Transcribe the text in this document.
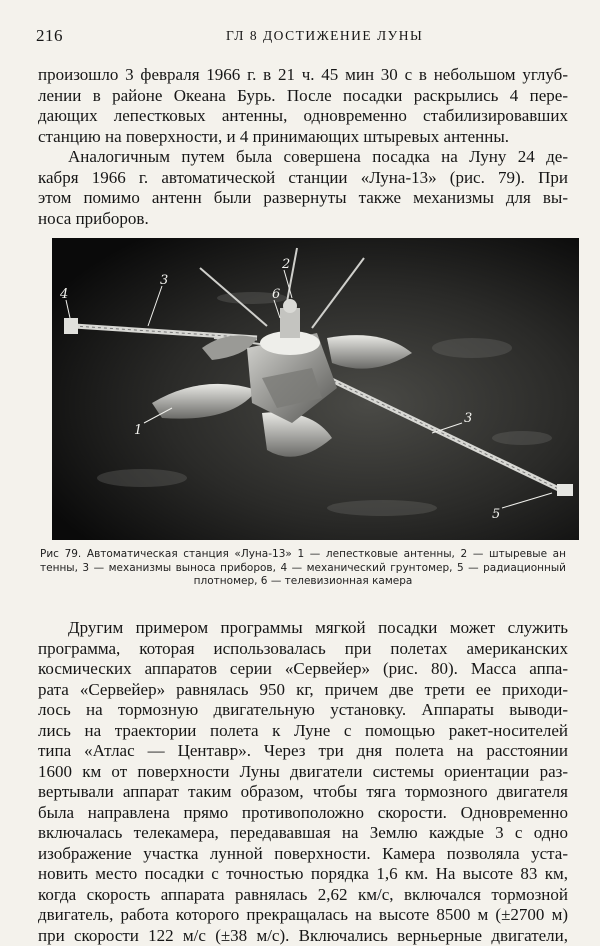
216	ГЛ 8 ДОСТИЖЕНИЕ ЛУНЫ
произошло 3 февраля 1966 г. в 21 ч. 45 мин 30 с в небольшом углуб-
лении в районе Океана Бурь. После посадки раскрылись 4 пере-
дающих лепестковых антенны, одновременно стабилизировавших
станцию на поверхности, и 4 принимающих штыревых антенны.
Аналогичным путем была совершена посадка на Луну 24 де-
кабря 1966 г. автоматической станции «Луна-13» (рис. 79). При
этом помимо антенн были развернуты также механизмы для вы-
носа приборов.
4
3
2
6
1
3
5
Рис 79. Автоматическая станция «Луна-13» 1 — лепестковые антенны, 2 — штыревые ан
тенны, 3 — механизмы выноса приборов, 4 — механический грунтомер, 5 — радиационный
плотномер, 6 — телевизионная камера
Другим примером программы мягкой посадки может служить
программа, которая использовалась при полетах американских
космических аппаратов серии «Сервейер» (рис. 80). Масса аппа-
рата «Сервейер» равнялась 950 кг, причем две трети ее приходи-
лось на тормозную двигательную установку. Аппараты выводи-
лись на траектории полета к Луне с помощью ракет-носителей
типа «Атлас — Центавр». Через три дня полета на расстоянии
1600 км от поверхности Луны двигатели системы ориентации раз-
вертывали аппарат таким образом, чтобы тяга тормозного двигателя
была направлена прямо противоположно скорости. Одновременно
включалась телекамера, передававшая на Землю каждые 3 с одно
изображение участка лунной поверхности. Камера позволяла уста-
новить место посадки с точностью порядка 1,6 км. На высоте 83 км,
когда скорость аппарата равнялась 2,62 км/с, включался тормозной
двигатель, работа которого прекращалась на высоте 8500 м (±2700 м)
при скорости 122 м/с (±38 м/с). Включались верньерные двигатели,
